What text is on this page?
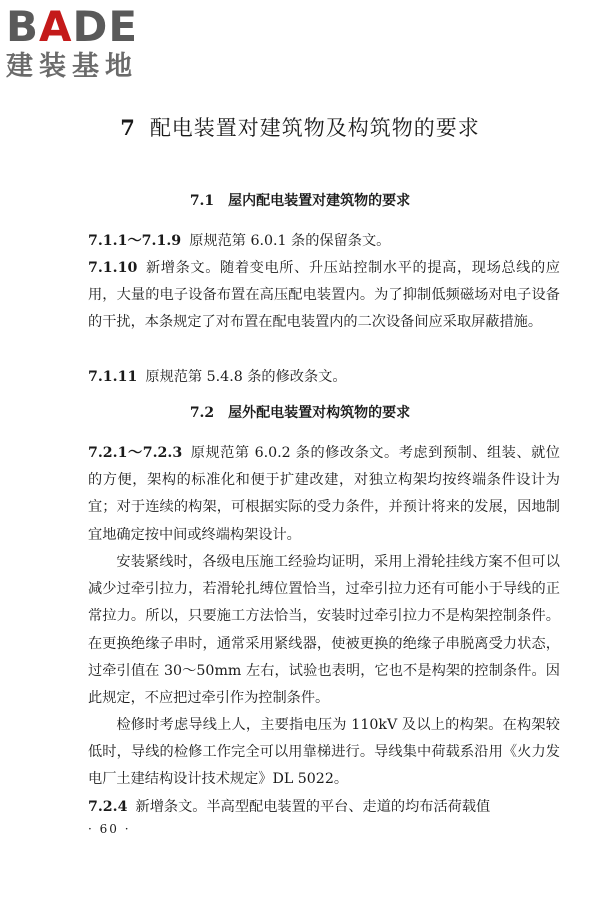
BADE
建装基地
7 配电装置对建筑物及构筑物的要求
7.1 屋内配电装置对建筑物的要求

7.1.1～7.1.9 原规范第 6.0.1 条的保留条文。

7.1.10 新增条文。随着变电所、升压站控制水平的提高，现场总线的应用，大量的电子设备布置在高压配电装置内。为了抑制低频磁场对电子设备的干扰，本条规定了对布置在配电装置内的二次设备间应采取屏蔽措施。

7.1.11 原规范第 5.4.8 条的修改条文。

7.2 屋外配电装置对构筑物的要求

7.2.1～7.2.3 原规范第 6.0.2 条的修改条文。考虑到预制、组装、就位的方便，架构的标准化和便于扩建改建，对独立构架均按终端条件设计为宜；对于连续的构架，可根据实际的受力条件，并预计将来的发展，因地制宜地确定按中间或终端构架设计。

安装紧线时，各级电压施工经验均证明，采用上滑轮挂线方案不但可以减少过牵引拉力，若滑轮扎缚位置恰当，过牵引拉力还有可能小于导线的正常拉力。所以，只要施工方法恰当，安装时过牵引拉力不是构架控制条件。在更换绝缘子串时，通常采用紧线器，使被更换的绝缘子串脱离受力状态，过牵引值在 30～50mm 左右，试验也表明，它也不是构架的控制条件。因此规定，不应把过牵引作为控制条件。

检修时考虑导线上人，主要指电压为 110kV 及以上的构架。在构架较低时，导线的检修工作完全可以用靠梯进行。导线集中荷载系沿用《火力发电厂土建结构设计技术规定》DL 5022。

7.2.4 新增条文。半高型配电装置的平台、走道的均布活荷载值

· 60 ·
